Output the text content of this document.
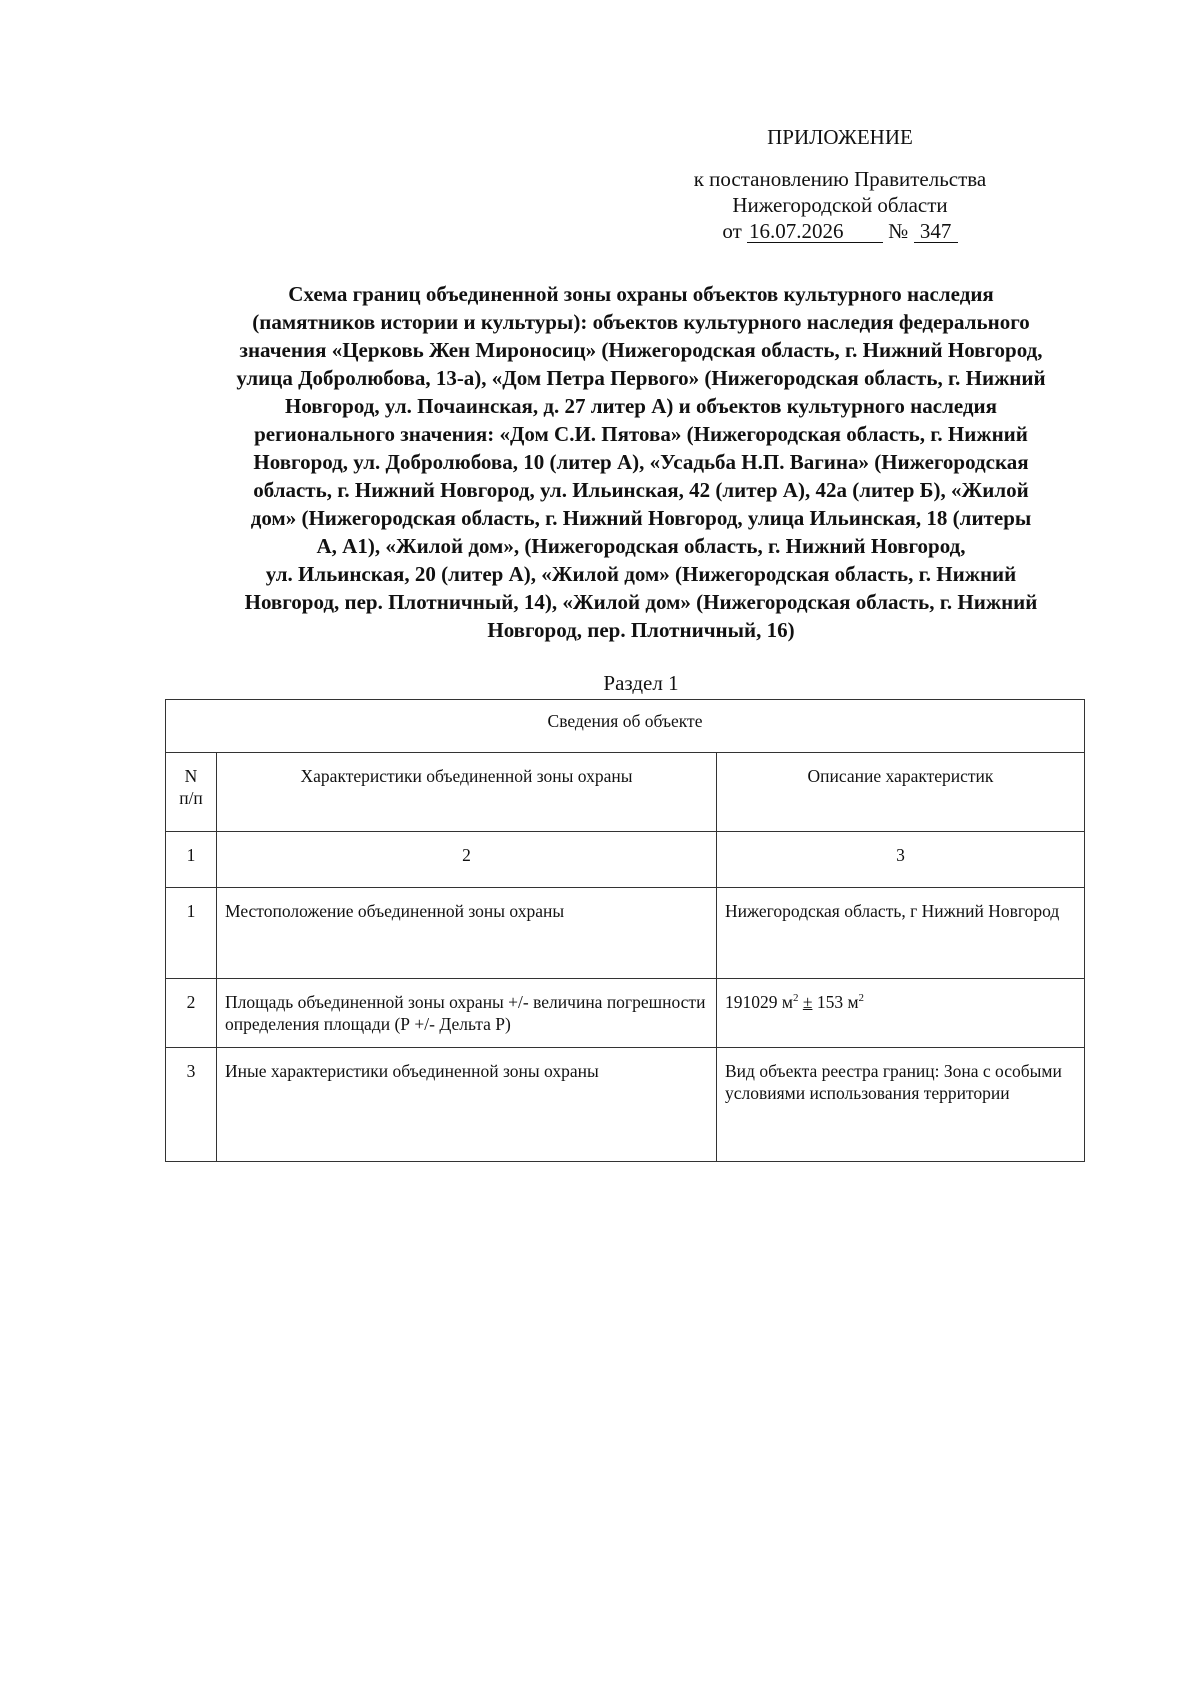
ПРИЛОЖЕНИЕ
к постановлению Правительства
Нижегородской области
от 16.07.2026 № 347
Схема границ объединенной зоны охраны объектов культурного наследия
(памятников истории и культуры): объектов культурного наследия федерального
значения «Церковь Жен Мироносиц» (Нижегородская область, г. Нижний Новгород,
улица Добролюбова, 13-а), «Дом Петра Первого» (Нижегородская область, г. Нижний
Новгород, ул. Почаинская, д. 27 литер А) и объектов культурного наследия
регионального значения: «Дом С.И. Пятова» (Нижегородская область, г. Нижний
Новгород, ул. Добролюбова, 10 (литер А), «Усадьба Н.П. Вагина» (Нижегородская
область, г. Нижний Новгород, ул. Ильинская, 42 (литер А), 42а (литер Б), «Жилой
дом» (Нижегородская область, г. Нижний Новгород, улица Ильинская, 18 (литеры
А, А1), «Жилой дом», (Нижегородская область, г. Нижний Новгород,
ул. Ильинская, 20 (литер А), «Жилой дом» (Нижегородская область, г. Нижний
Новгород, пер. Плотничный, 14), «Жилой дом» (Нижегородская область, г. Нижний
Новгород, пер. Плотничный, 16)
Раздел 1
Сведения об объекте		

N
п/п	Характеристики объединенной зоны охраны	Описание характеристик
1	2	3
1	Местоположение объединенной зоны охраны	Нижегородская область, г Нижний Новгород
2	Площадь объединенной зоны охраны +/- величина погрешности определения площади (Р +/- Дельта Р)	191029 $м^2 \pm 153$ $м^2$
3	Иные характеристики объединенной зоны охраны	Вид объекта реестра границ: Зона с особыми условиями использования территории
